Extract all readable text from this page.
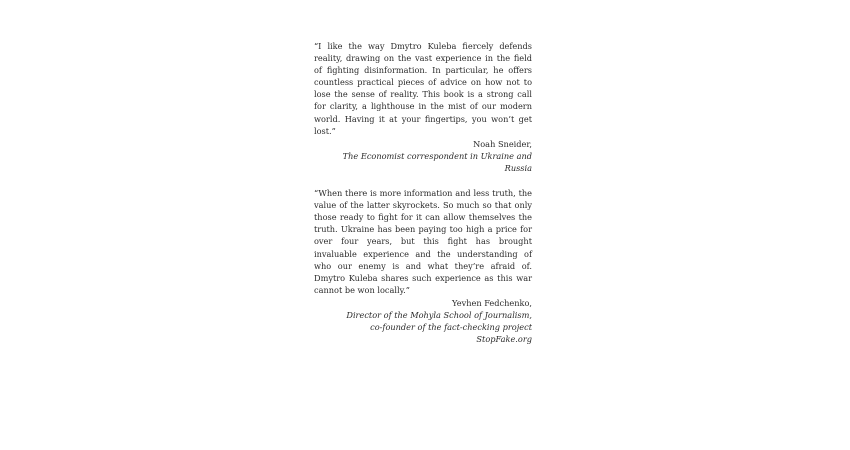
“I like the way Dmytro Kuleba fiercely defends reality, drawing on the vast experience in the field of fighting disinformation. In particular, he offers countless practical pieces of advice on how not to lose the sense of reality. This book is a strong call for clarity, a lighthouse in the mist of our modern world. Having it at your fingertips, you won’t get lost.”

Noah Sneider,
The Economist correspondent in Ukraine and Russia

“When there is more information and less truth, the value of the latter skyrockets. So much so that only those ready to fight for it can allow themselves the truth. Ukraine has been paying too high a price for over four years, but this fight has brought invaluable experience and the understanding of who our enemy is and what they’re afraid of. Dmytro Kuleba shares such experience as this war cannot be won locally.”

Yevhen Fedchenko,
Director of the Mohyla School of Journalism,
co-founder of the fact-checking project StopFake.org
